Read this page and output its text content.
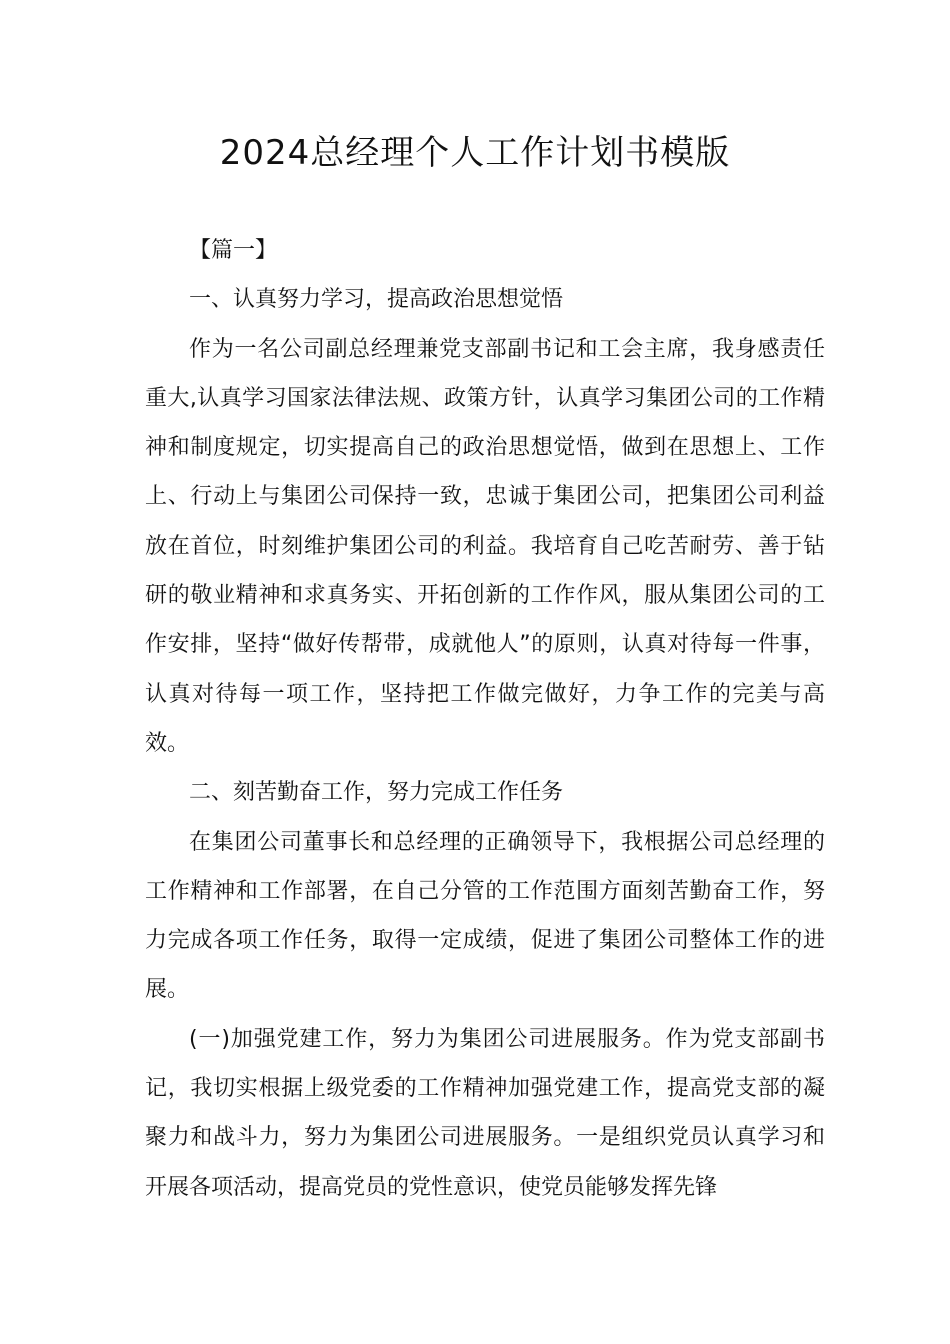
2024总经理个人工作计划书模版

【篇一】

一、认真努力学习，提高政治思想觉悟

作为一名公司副总经理兼党支部副书记和工会主席，我身感责任重大,认真学习国家法律法规、政策方针，认真学习集团公司的工作精神和制度规定，切实提高自己的政治思想觉悟，做到在思想上、工作上、行动上与集团公司保持一致，忠诚于集团公司，把集团公司利益放在首位，时刻维护集团公司的利益。我培育自己吃苦耐劳、善于钻研的敬业精神和求真务实、开拓创新的工作作风，服从集团公司的工作安排，坚持“做好传帮带，成就他人”的原则，认真对待每一件事，认真对待每一项工作，坚持把工作做完做好，力争工作的完美与高效。

二、刻苦勤奋工作，努力完成工作任务

在集团公司董事长和总经理的正确领导下，我根据公司总经理的工作精神和工作部署，在自己分管的工作范围方面刻苦勤奋工作，努力完成各项工作任务，取得一定成绩，促进了集团公司整体工作的进展。

(一)加强党建工作，努力为集团公司进展服务。作为党支部副书记，我切实根据上级党委的工作精神加强党建工作，提高党支部的凝聚力和战斗力，努力为集团公司进展服务。一是组织党员认真学习和开展各项活动，提高党员的党性意识，使党员能够发挥先锋
